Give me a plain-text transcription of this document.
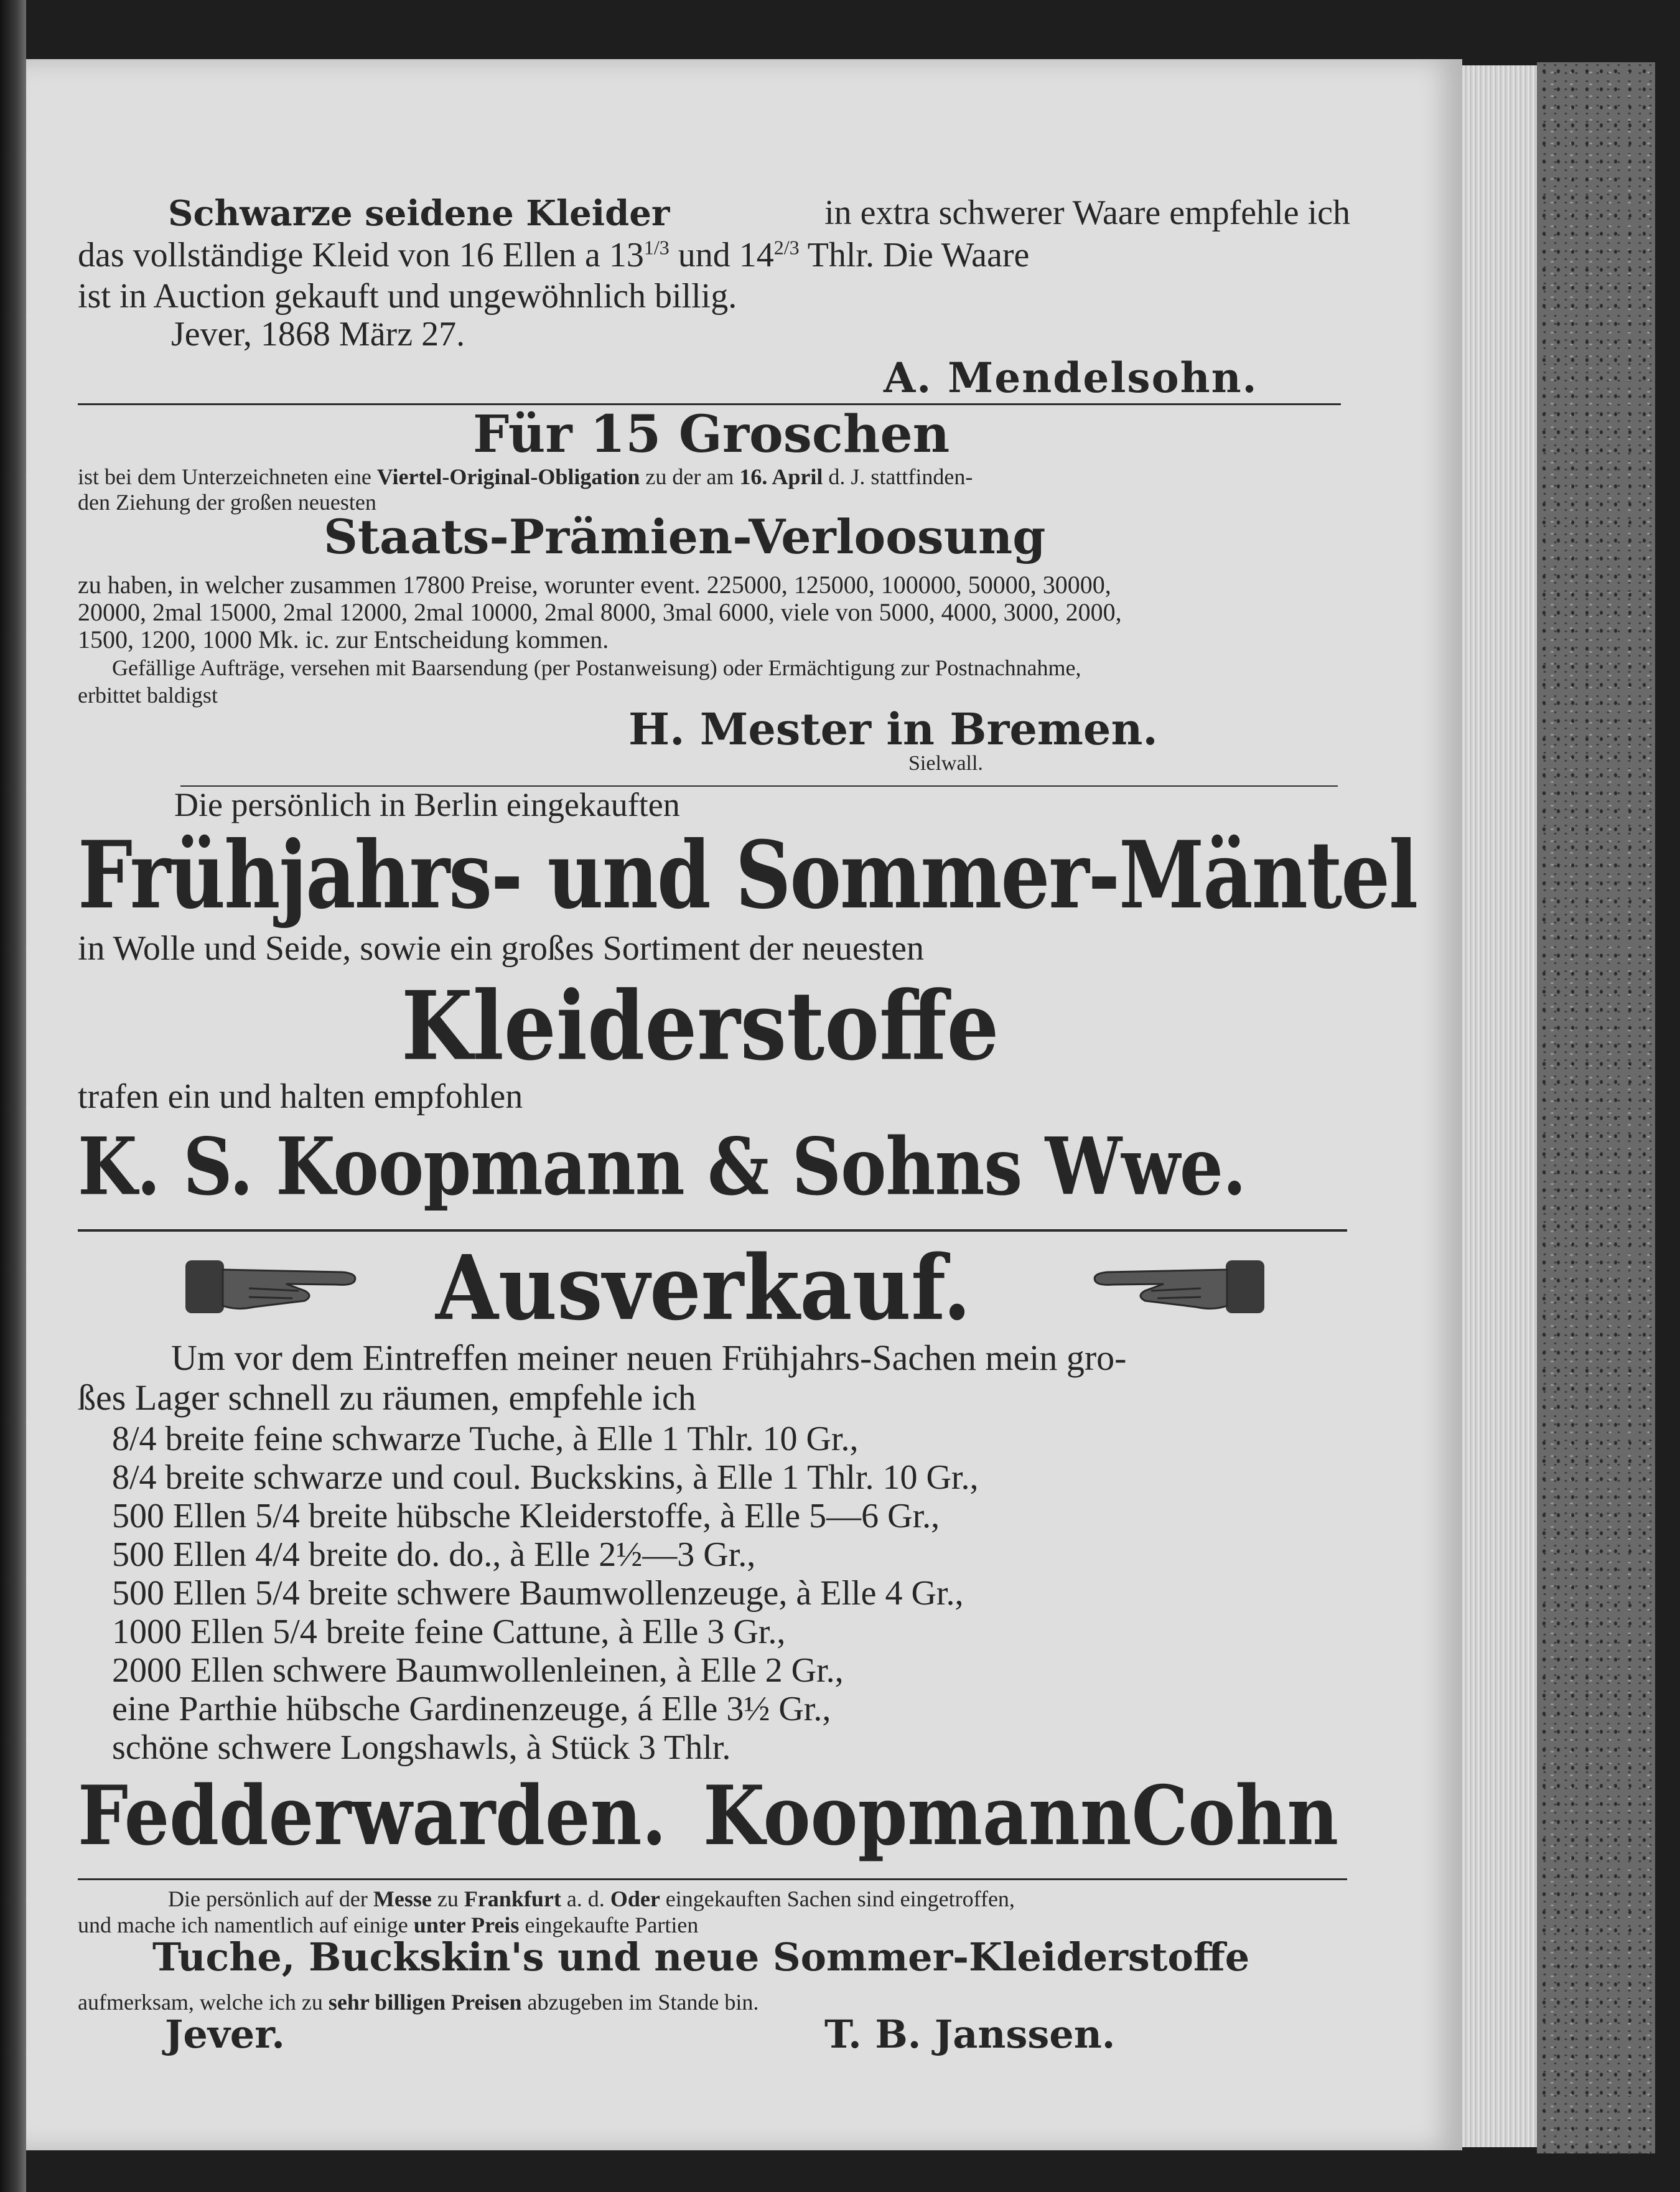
Schwarze seidene Kleider	in extra schwerer Waare empfehle ich
das vollständige Kleid von 16 Ellen a $13^{1/3}$ und $14^{2/3}$ Thlr. Die Waare
ist in Auction gekauft und ungewöhnlich billig.
Jever, 1868 März 27.
A. Mendelsohn.
Für 15 Groschen
ist bei dem Unterzeichneten eine Viertel-Original-Obligation zu der am 16. April d. J. stattfinden-
den Ziehung der großen neuesten
Staats-Prämien-Verloosung
zu haben, in welcher zusammen 17800 Preise, worunter event. 225000, 125000, 100000, 50000, 30000,
20000, 2mal 15000, 2mal 12000, 2mal 10000, 2mal 8000, 3mal 6000, viele von 5000, 4000, 3000, 2000,
1500, 1200, 1000 Mk. ic. zur Entscheidung kommen.
Gefällige Aufträge, versehen mit Baarsendung (per Postanweisung) oder Ermächtigung zur Postnachnahme,
erbittet baldigst
H. Mester in Bremen.
Sielwall.
Die persönlich in Berlin eingekauften
Frühjahrs- und Sommer-Mäntel
in Wolle und Seide, sowie ein großes Sortiment der neuesten
Kleiderstoffe
trafen ein und halten empfohlen
K. S. Koopmann & Sohns Wwe.
Ausverkauf.
Um vor dem Eintreffen meiner neuen Frühjahrs-Sachen mein gro-
ßes Lager schnell zu räumen, empfehle ich
8/4 breite feine schwarze Tuche, à Elle 1 Thlr. 10 Gr.,
8/4 breite schwarze und coul. Buckskins, à Elle 1 Thlr. 10 Gr.,
500 Ellen 5/4 breite hübsche Kleiderstoffe, à Elle 5—6 Gr.,
500 Ellen 4/4 breite do. do., à Elle 2½—3 Gr.,
500 Ellen 5/4 breite schwere Baumwollenzeuge, à Elle 4 Gr.,
1000 Ellen 5/4 breite feine Cattune, à Elle 3 Gr.,
2000 Ellen schwere Baumwollenleinen, à Elle 2 Gr.,
eine Parthie hübsche Gardinenzeuge, á Elle 3½ Gr.,
schöne schwere Longshawls, à Stück 3 Thlr.
Fedderwarden. KoopmannCohn
Die persönlich auf der Messe zu Frankfurt a. d. Oder eingekauften Sachen sind eingetroffen,
und mache ich namentlich auf einige unter Preis eingekaufte Partien
Tuche, Buckskin's und neue Sommer-Kleiderstoffe
aufmerksam, welche ich zu sehr billigen Preisen abzugeben im Stande bin.
Jever.	T. B. Janssen.
